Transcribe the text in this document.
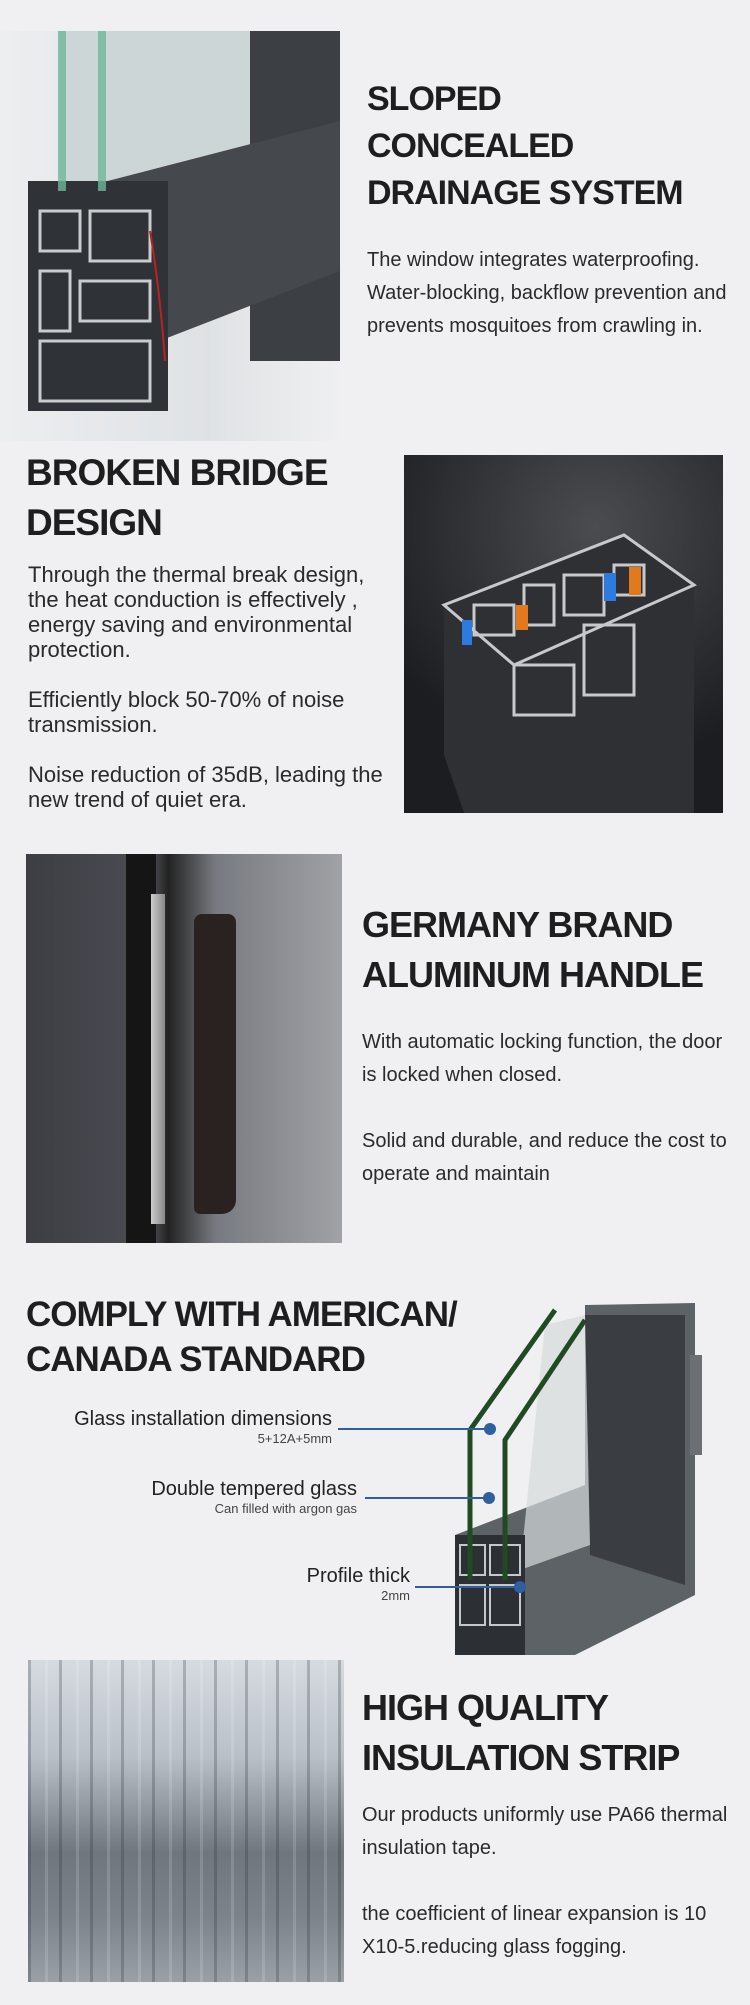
SLOPED
CONCEALED
DRAINAGE SYSTEM

The window integrates waterproofing. Water-blocking, backflow prevention and prevents mosquitoes from crawling in.

BROKEN BRIDGE
DESIGN

Through the thermal break design, the heat conduction is effectively , energy saving and environmental protection.

Efficiently block 50-70% of noise transmission.

Noise reduction of 35dB, leading the new trend of quiet era.

GERMANY BRAND
ALUMINUM HANDLE

With automatic locking function, the door is locked when closed.

Solid and durable, and reduce the cost to operate and maintain

COMPLY WITH AMERICAN/
CANADA STANDARD
Glass installation dimensions
5+12A+5mm
Double tempered glass
Can filled with argon gas
Profile thick
2mm
HIGH QUALITY
INSULATION STRIP

Our products uniformly use PA66 thermal insulation tape.

the coefficient of linear expansion is 10 X10-5.reducing glass fogging.
